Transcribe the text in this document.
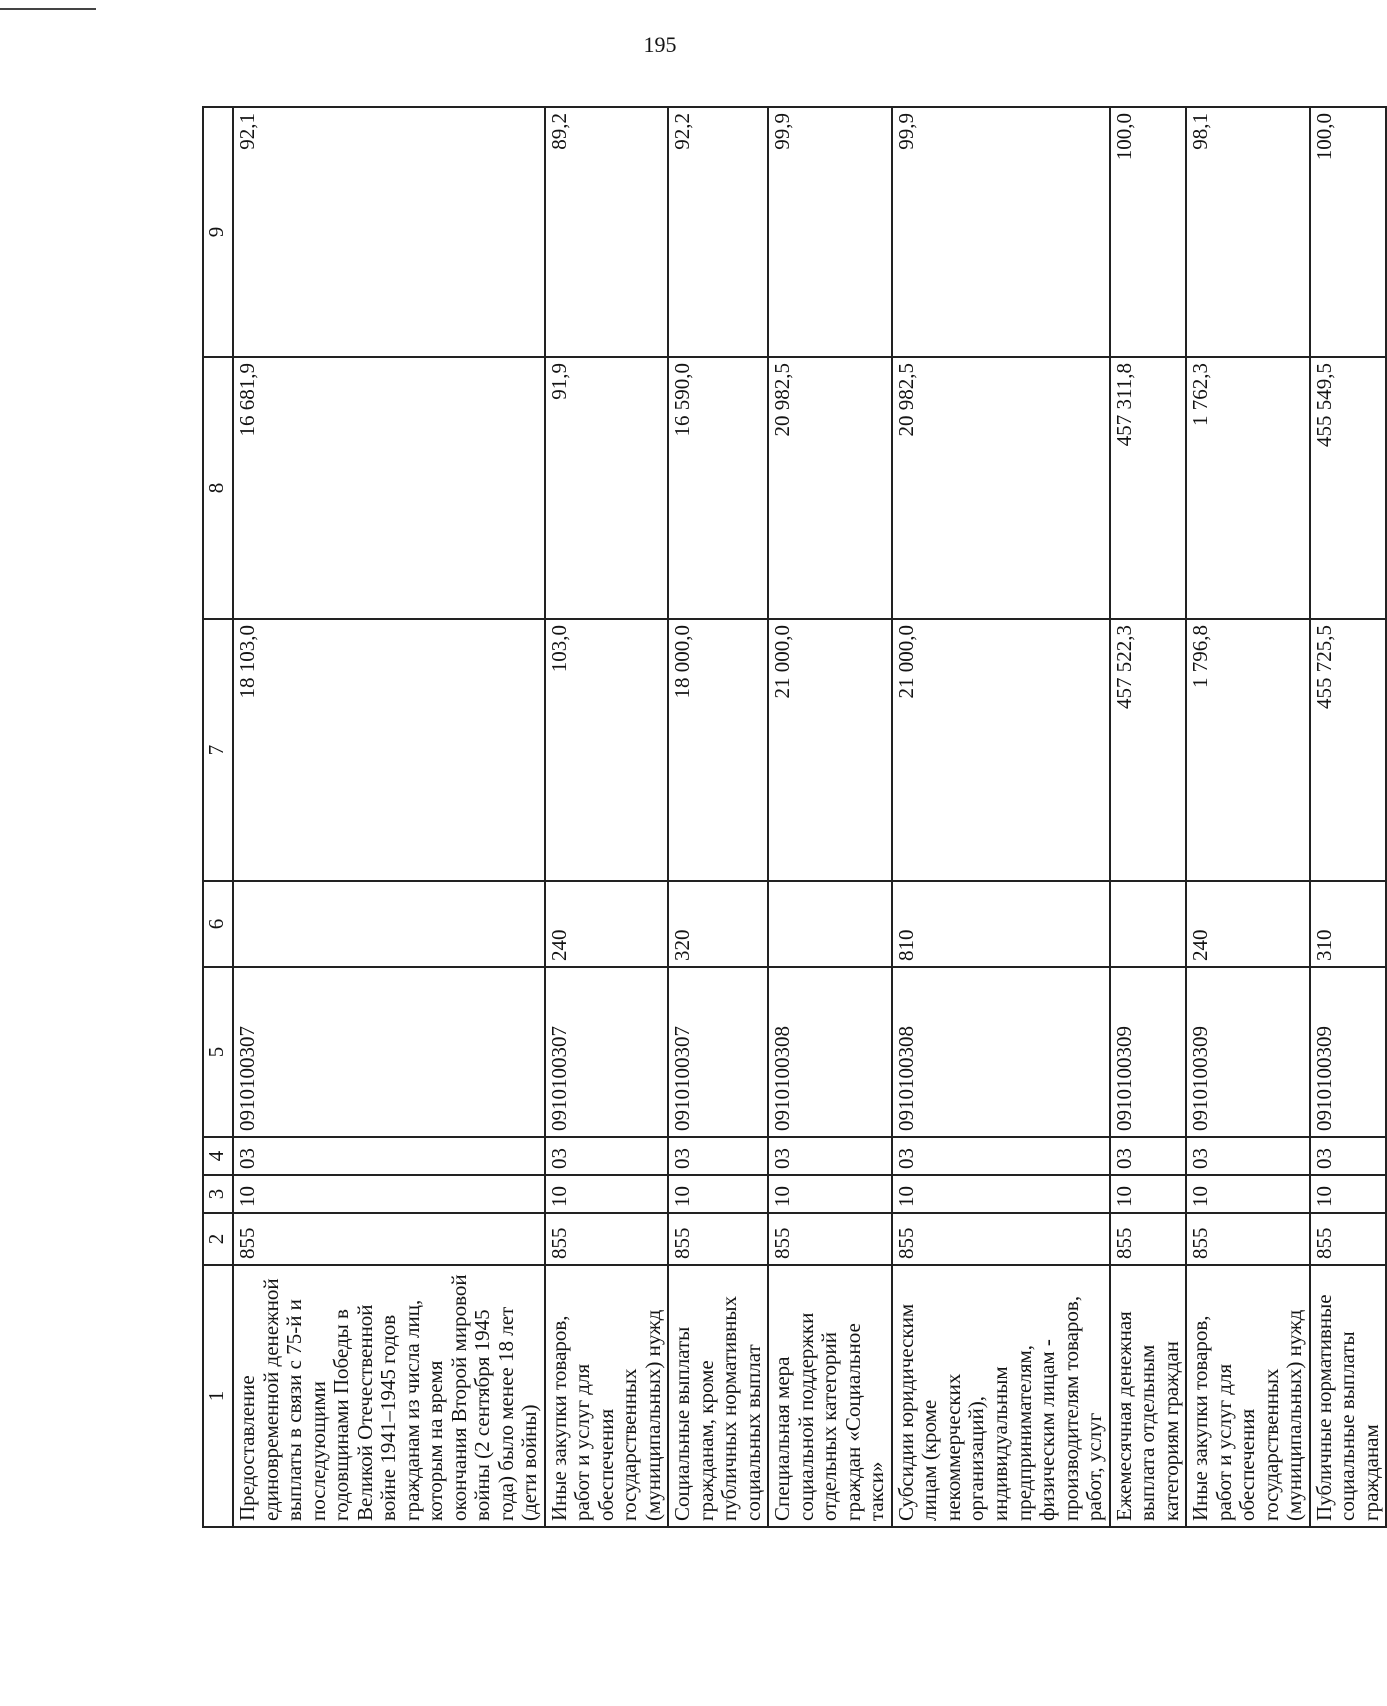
195
1	2	3	4	5	6	7	8	9
Предоставление единовременной денежной выплаты в связи с 75-й и последующими годовщинами Победы в Великой Отечественной войне 1941–1945 годов гражданам из числа лиц, которым на время окончания Второй мировой войны (2 сентября 1945 года) было менее 18 лет (дети войны)	855	10	03	0910100307		18 103,0	16 681,9	92,1
Иные закупки товаров, работ и услуг для обеспечения государственных (муниципальных) нужд	855	10	03	0910100307	240	103,0	91,9	89,2
Социальные выплаты гражданам, кроме публичных нормативных социальных выплат	855	10	03	0910100307	320	18 000,0	16 590,0	92,2
Специальная мера социальной поддержки отдельных категорий граждан «Социальное такси»	855	10	03	0910100308		21 000,0	20 982,5	99,9
Субсидии юридическим лицам (кроме некоммерческих организаций), индивидуальным предпринимателям, физическим лицам - производителям товаров, работ, услуг	855	10	03	0910100308	810	21 000,0	20 982,5	99,9
Ежемесячная денежная выплата отдельным категориям граждан	855	10	03	0910100309		457 522,3	457 311,8	100,0
Иные закупки товаров, работ и услуг для обеспечения государственных (муниципальных) нужд	855	10	03	0910100309	240	1 796,8	1 762,3	98,1
Публичные нормативные социальные выплаты гражданам	855	10	03	0910100309	310	455 725,5	455 549,5	100,0
